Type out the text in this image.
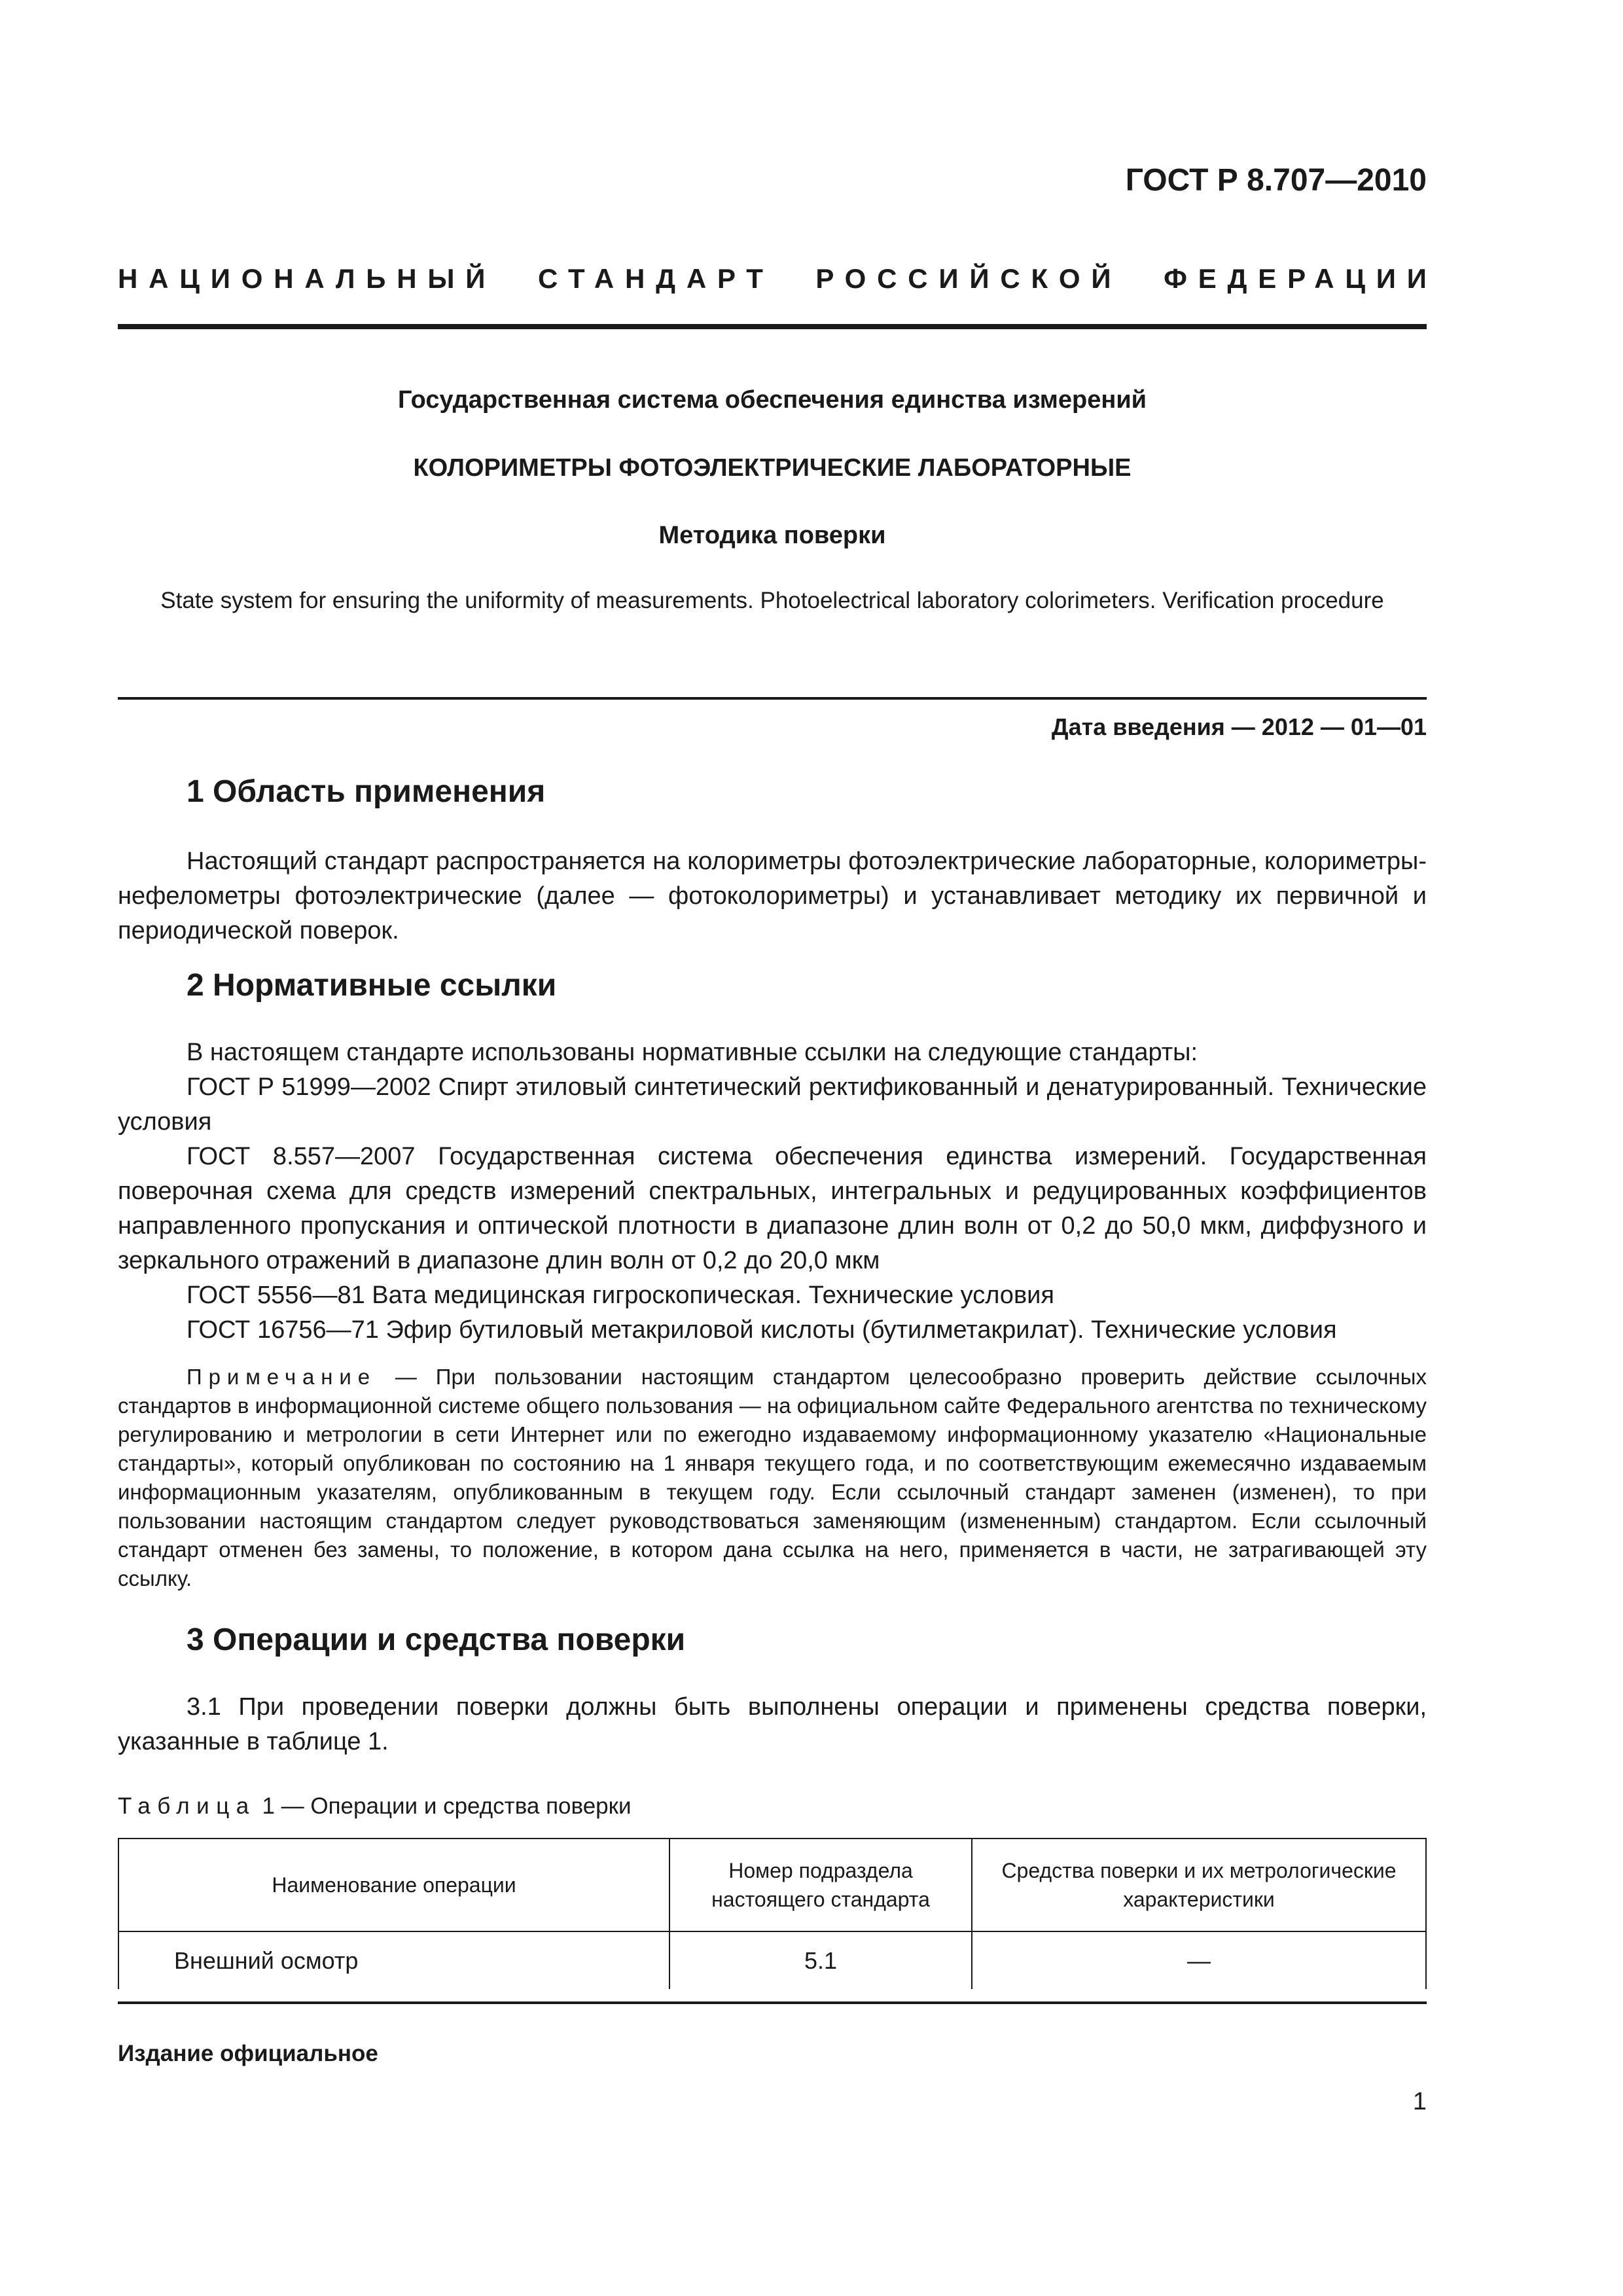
ГОСТ Р 8.707—2010
НАЦИОНАЛЬНЫЙ СТАНДАРТ РОССИЙСКОЙ ФЕДЕРАЦИИ
Государственная система обеспечения единства измерений
КОЛОРИМЕТРЫ ФОТОЭЛЕКТРИЧЕСКИЕ ЛАБОРАТОРНЫЕ
Методика поверки
State system for ensuring the uniformity of measurements. Photoelectrical laboratory colorimeters. Verification procedure
Дата введения — 2012 — 01—01
1 Область применения
Настоящий стандарт распространяется на колориметры фотоэлектрические лабораторные, колориметры-нефелометры фотоэлектрические (далее — фотоколориметры) и устанавливает методику их первичной и периодической поверок.
2 Нормативные ссылки
В настоящем стандарте использованы нормативные ссылки на следующие стандарты:
ГОСТ Р 51999—2002 Спирт этиловый синтетический ректификованный и денатурированный. Технические условия
ГОСТ 8.557—2007 Государственная система обеспечения единства измерений. Государственная поверочная схема для средств измерений спектральных, интегральных и редуцированных коэффициентов направленного пропускания и оптической плотности в диапазоне длин волн от 0,2 до 50,0 мкм, диффузного и зеркального отражений в диапазоне длин волн от 0,2 до 20,0 мкм
ГОСТ 5556—81 Вата медицинская гигроскопическая. Технические условия
ГОСТ 16756—71 Эфир бутиловый метакриловой кислоты (бутилметакрилат). Технические условия
Примечание — При пользовании настоящим стандартом целесообразно проверить действие ссылочных стандартов в информационной системе общего пользования — на официальном сайте Федерального агентства по техническому регулированию и метрологии в сети Интернет или по ежегодно издаваемому информационному указателю «Национальные стандарты», который опубликован по состоянию на 1 января текущего года, и по соответствующим ежемесячно издаваемым информационным указателям, опубликованным в текущем году. Если ссылочный стандарт заменен (изменен), то при пользовании настоящим стандартом следует руководствоваться заменяющим (измененным) стандартом. Если ссылочный стандарт отменен без замены, то положение, в котором дана ссылка на него, применяется в части, не затрагивающей эту ссылку.
3 Операции и средства поверки
3.1 При проведении поверки должны быть выполнены операции и применены средства поверки, указанные в таблице 1.
Таблица 1 — Операции и средства поверки
Наименование операции	Номер подраздела настоящего стандарта	Средства поверки и их метрологические характеристики
Внешний осмотр	5.1	—
Издание официальное
1
